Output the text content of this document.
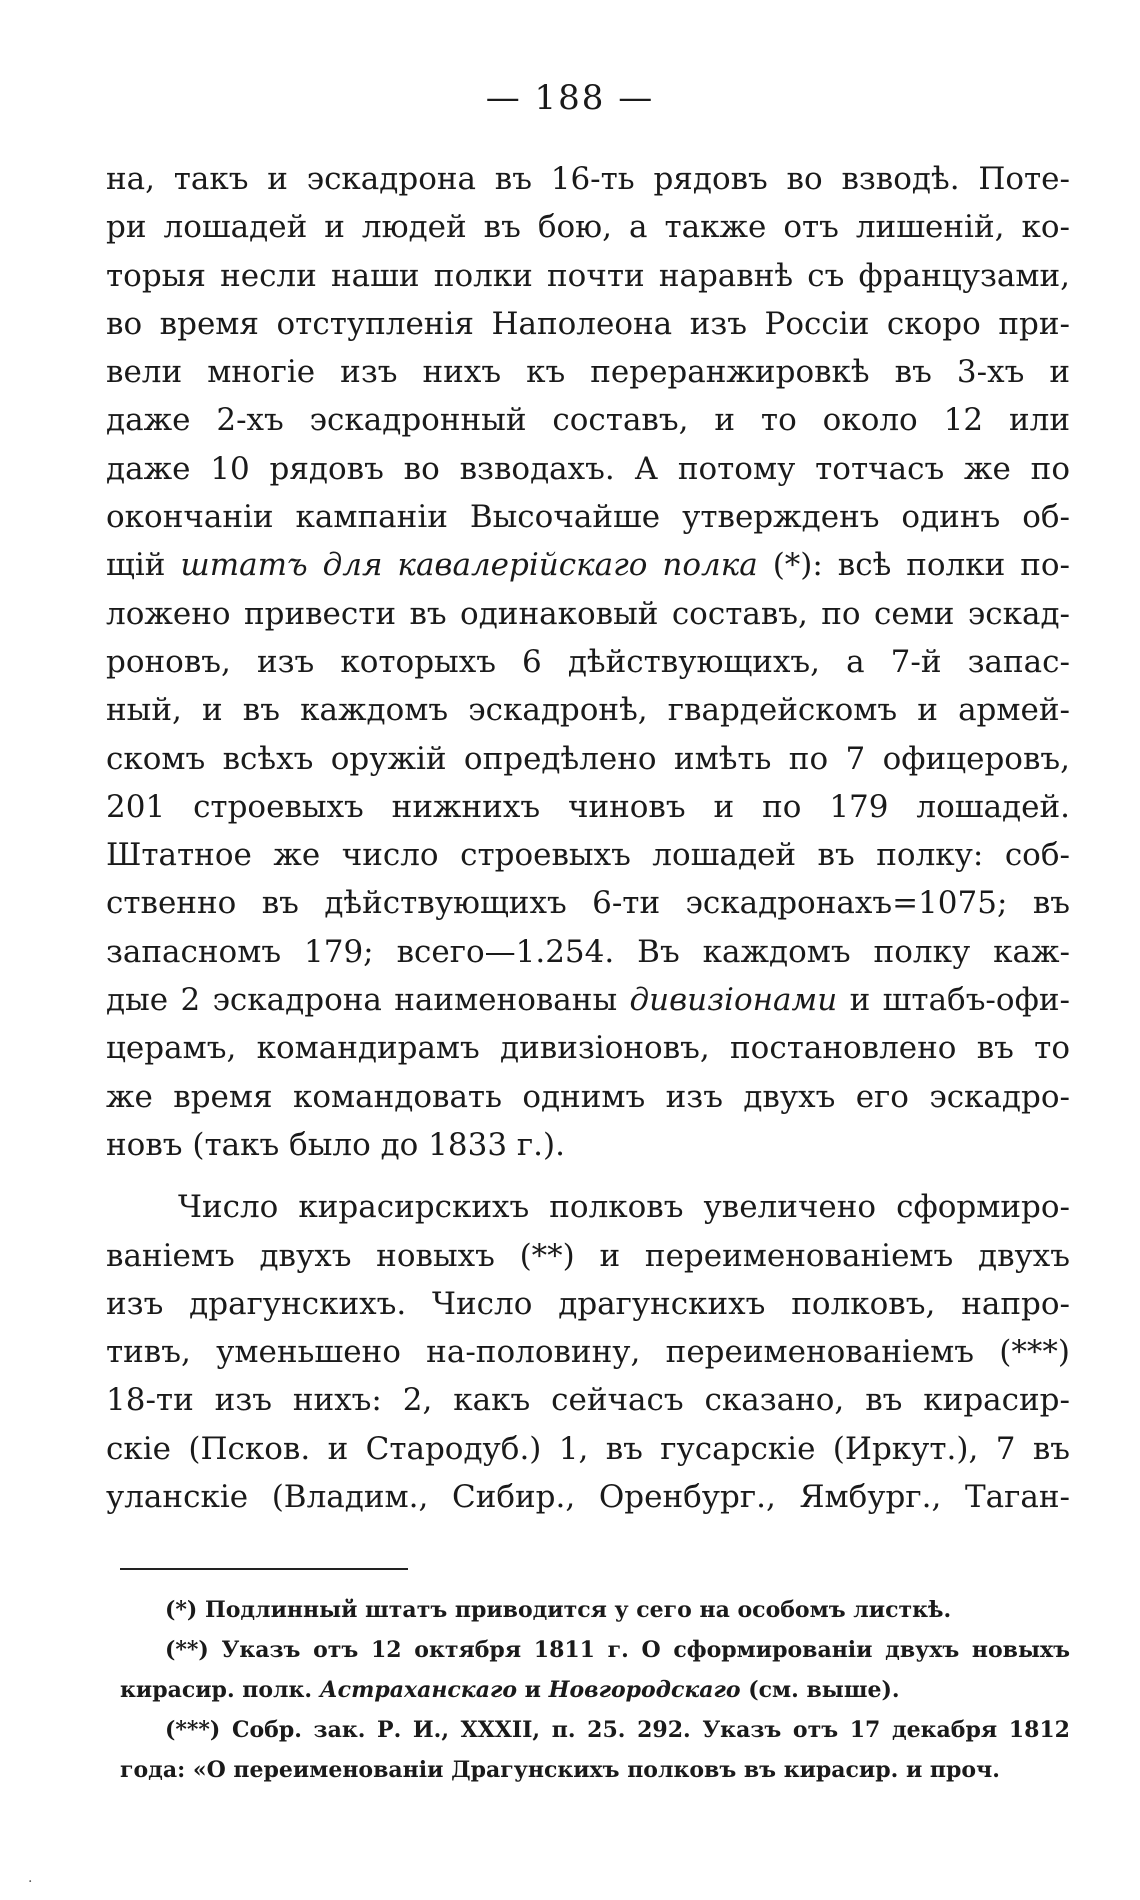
— 188 —
на, такъ и эскадрона въ 16-ть рядовъ во взводѣ. Поте-
ри лошадей и людей въ бою, а также отъ лишеній, ко-
торыя несли наши полки почти наравнѣ съ французами,
во время отступленія Наполеона изъ Россіи скоро при-
вели многіе изъ нихъ къ переранжировкѣ въ 3-хъ и
даже 2-хъ эскадронный составъ, и то около 12 или
даже 10 рядовъ во взводахъ. А потому тотчасъ же по
окончаніи кампаніи Высочайше утвержденъ одинъ об-
щій штатъ для кавалерійскаго полка (*): всѣ полки по-
ложено привести въ одинаковый составъ, по семи эскад-
роновъ, изъ которыхъ 6 дѣйствующихъ, а 7-й запас-
ный, и въ каждомъ эскадронѣ, гвардейскомъ и армей-
скомъ всѣхъ оружій опредѣлено имѣть по 7 офицеровъ,
201 строевыхъ нижнихъ чиновъ и по 179 лошадей.
Штатное же число строевыхъ лошадей въ полку: соб-
ственно въ дѣйствующихъ 6-ти эскадронахъ=1075; въ
запасномъ 179; всего—1.254. Въ каждомъ полку каж-
дые 2 эскадрона наименованы дивизіонами и штабъ-офи-
церамъ, командирамъ дивизіоновъ, постановлено въ то
же время командовать однимъ изъ двухъ его эскадро-
новъ (такъ было до 1833 г.).
Число кирасирскихъ полковъ увеличено сформиро-
ваніемъ двухъ новыхъ (**) и переименованіемъ двухъ
изъ драгунскихъ. Число драгунскихъ полковъ, напро-
тивъ, уменьшено на-половину, переименованіемъ (***)
18-ти изъ нихъ: 2, какъ сейчасъ сказано, въ кирасир-
скіе (Псков. и Стародуб.) 1, въ гусарскіе (Иркут.), 7 въ
уланскіе (Владим., Сибир., Оренбург., Ямбург., Таган-
(*) Подлинный штатъ приводится у сего на особомъ листкѣ.
(**) Указъ отъ 12 октября 1811 г. О сформированіи двухъ новыхъ
кирасир. полк. Астраханскаго и Новгородскаго (см. выше).
(***) Собр. зак. Р. И., XXXII, п. 25. 292. Указъ отъ 17 декабря 1812
года: «О переименованіи Драгунскихъ полковъ въ кирасир. и проч.
·
